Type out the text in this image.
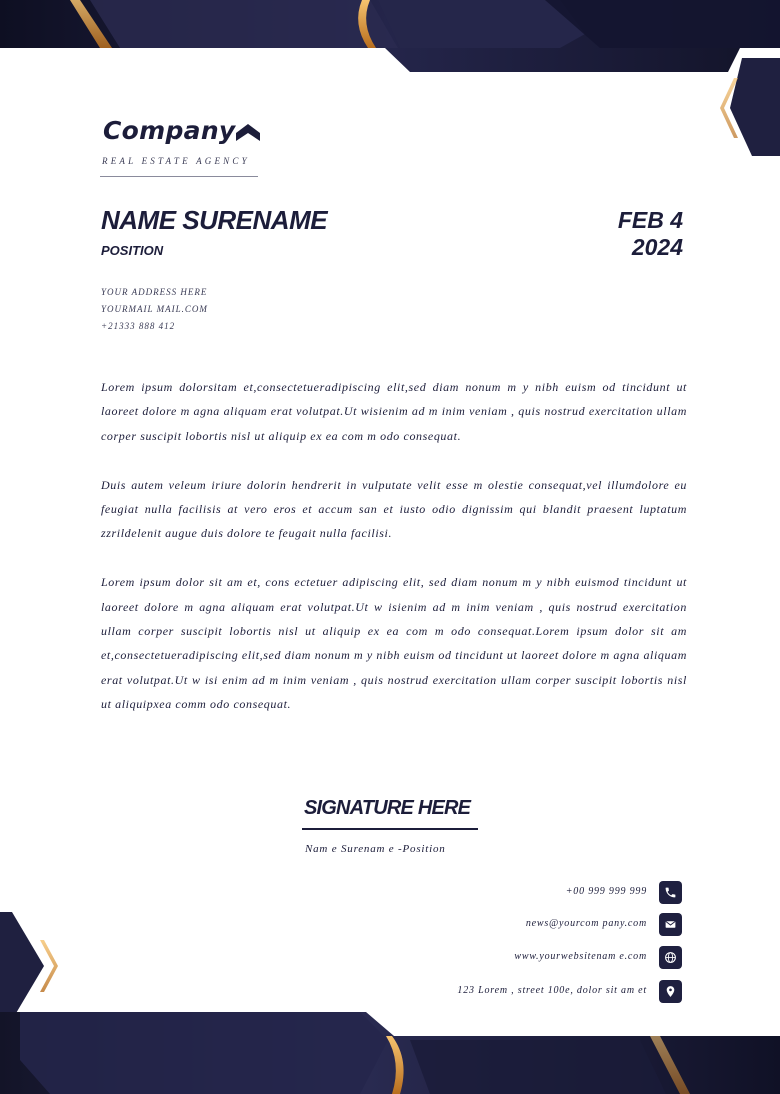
Company
REAL ESTATE AGENCY
NAME SURENAME
POSITION
FEB 4
2024
YOUR ADDRESS HERE
YOURMAIL MAIL.COM
+21333 888 412

Lorem ipsum dolorsitam et,consectetueradipiscing elit,sed diam nonum m y nibh euism od tincidunt ut laoreet dolore m agna aliquam erat volutpat.Ut wisienim ad m inim veniam , quis nostrud exercitation ullam corper suscipit lobortis nisl ut aliquip ex ea com m odo consequat.

Duis autem veleum iriure dolorin hendrerit in vulputate velit esse m olestie consequat,vel illumdolore eu feugiat nulla facilisis at vero eros et accum san et iusto odio dignissim qui blandit praesent luptatum zzrildelenit augue duis dolore te feugait nulla facilisi.

Lorem ipsum dolor sit am et, cons ectetuer adipiscing elit, sed diam nonum m y nibh euismod tincidunt ut laoreet dolore m agna aliquam erat volutpat.Ut w isienim ad m inim veniam , quis nostrud exercitation ullam corper suscipit lobortis nisl ut aliquip ex ea com m odo consequat.Lorem ipsum dolor sit am et,consectetueradipiscing elit,sed diam nonum m y nibh euism od tincidunt ut laoreet dolore m agna aliquam erat volutpat.Ut w isi enim ad m inim veniam , quis nostrud exercitation ullam corper suscipit lobortis nisl ut aliquipxea comm odo consequat.

SIGNATURE HERE
Nam e Surenam e -Position
+00 999 999 999
news@yourcom pany.com
www.yourwebsitenam e.com
123 Lorem , street 100e, dolor sit am et
